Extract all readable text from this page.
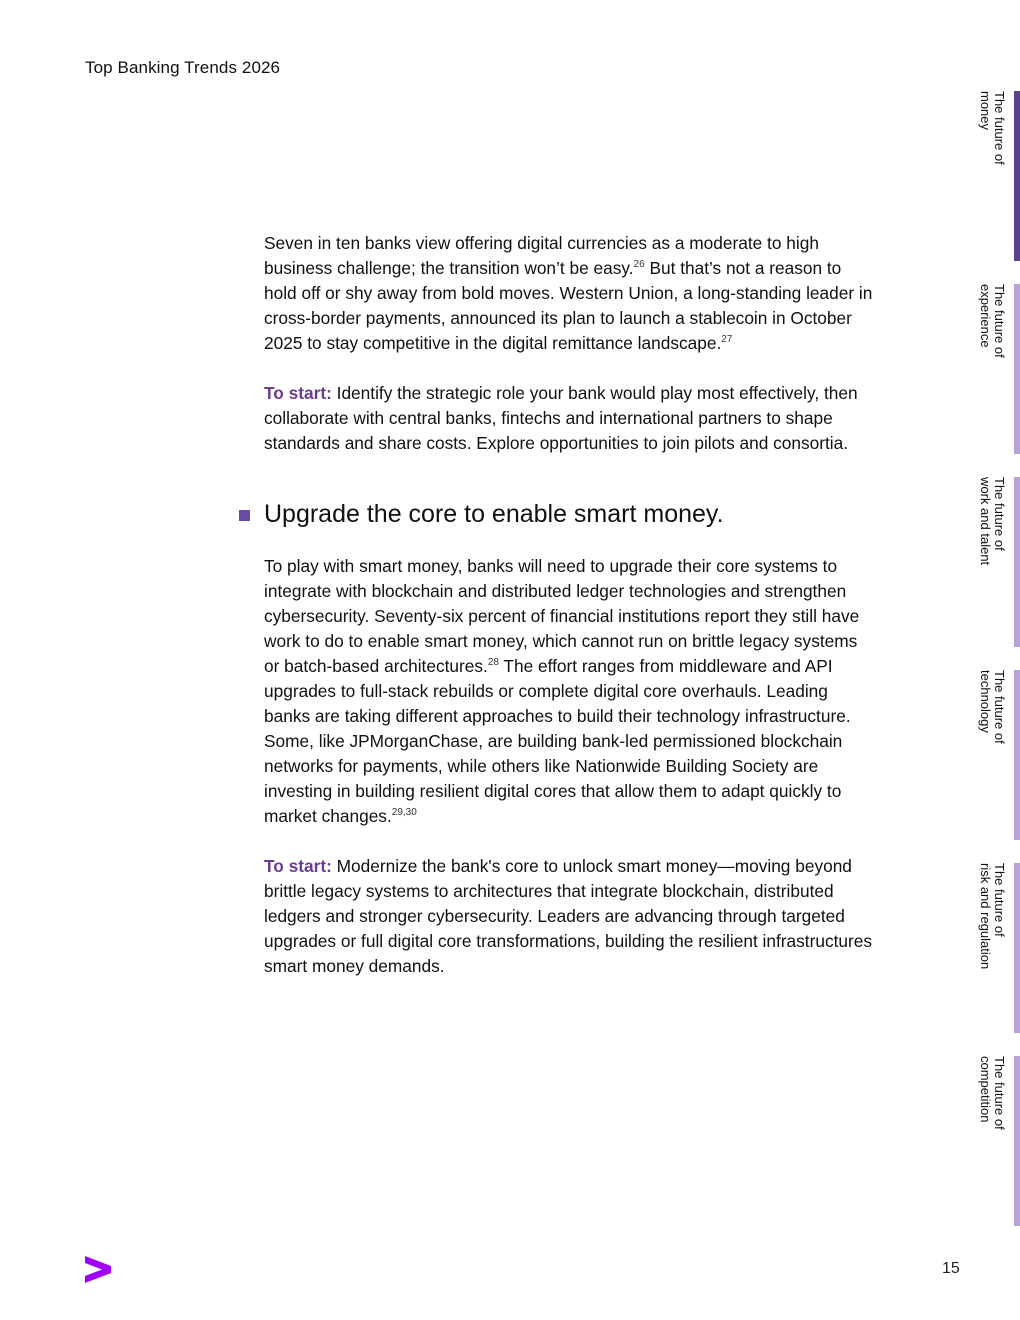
Top Banking Trends 2026

Seven in ten banks view offering digital currencies as a moderate to high business challenge; the transition won’t be easy.$^{26}$ But that’s not a reason to hold off or shy away from bold moves. Western Union, a long-standing leader in cross-border payments, announced its plan to launch a stablecoin in October 2025 to stay competitive in the digital remittance landscape.$^{27}$

To start: Identify the strategic role your bank would play most effectively, then collaborate with central banks, fintechs and international partners to shape standards and share costs. Explore opportunities to join pilots and consortia.

Upgrade the core to enable smart money.

To play with smart money, banks will need to upgrade their core systems to integrate with blockchain and distributed ledger technologies and strengthen cybersecurity. Seventy-six percent of financial institutions report they still have work to do to enable smart money, which cannot run on brittle legacy systems or batch-based architectures.$^{28}$ The effort ranges from middleware and API upgrades to full-stack rebuilds or complete digital core overhauls. Leading banks are taking different approaches to build their technology infrastructure. Some, like JPMorganChase, are building bank-led permissioned blockchain networks for payments, while others like Nationwide Building Society are investing in building resilient digital cores that allow them to adapt quickly to market changes.$^{29,30}$

To start: Modernize the bank's core to unlock smart money—moving beyond brittle legacy systems to architectures that integrate blockchain, distributed ledgers and stronger cybersecurity. Leaders are advancing through targeted upgrades or full digital core transformations, building the resilient infrastructures smart money demands.

The future of
money
The future of
experience
The future of
work and talent
The future of
technology
The future of
risk and regulation
The future of
competition
15
